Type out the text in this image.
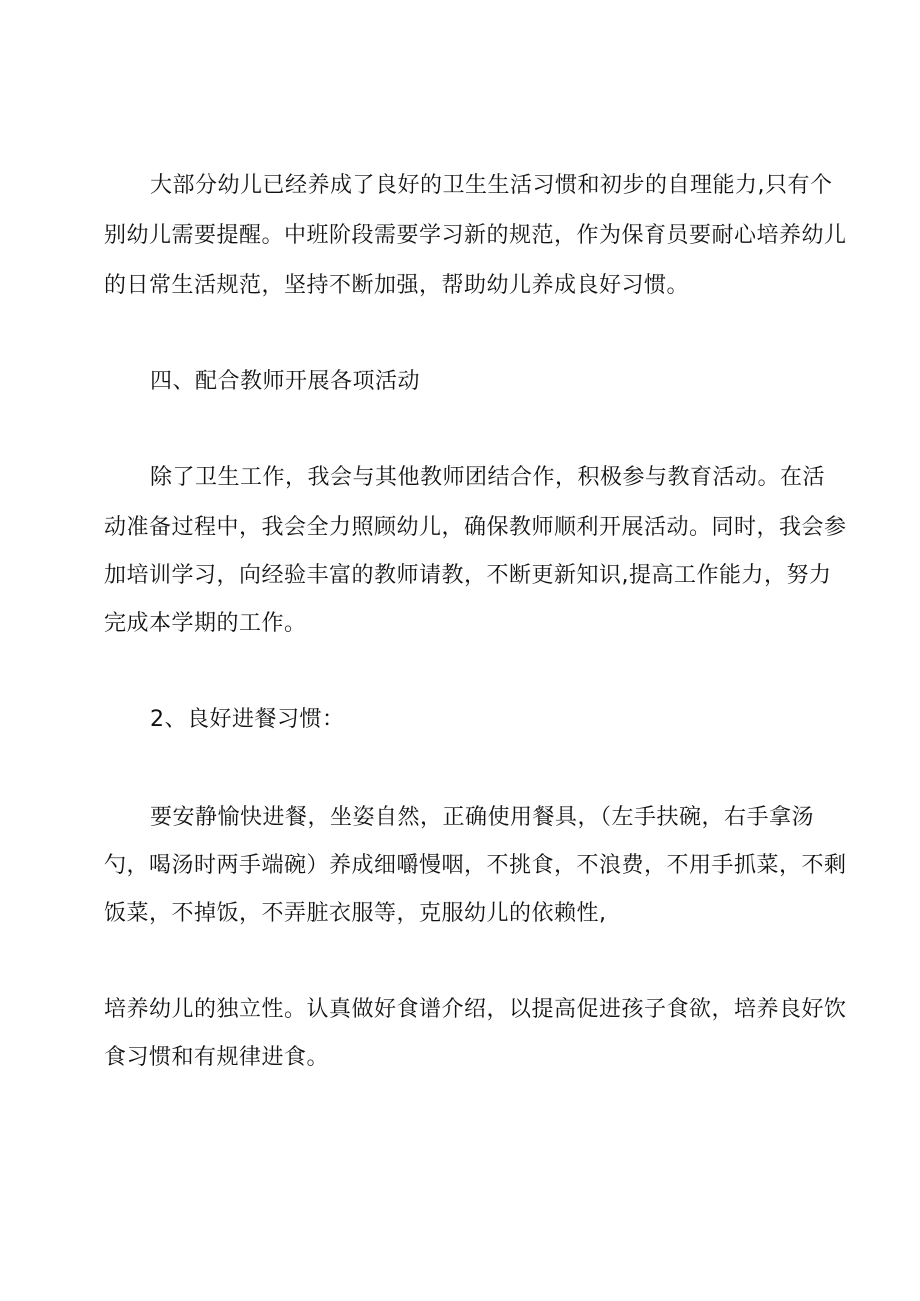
大部分幼儿已经养成了良好的卫生生活习惯和初步的自理能力,只有个
别幼儿需要提醒。中班阶段需要学习新的规范，作为保育员要耐心培养幼儿
的日常生活规范，坚持不断加强，帮助幼儿养成良好习惯。
四、配合教师开展各项活动
除了卫生工作，我会与其他教师团结合作，积极参与教育活动。在活
动准备过程中，我会全力照顾幼儿，确保教师顺利开展活动。同时，我会参
加培训学习，向经验丰富的教师请教，不断更新知识,提高工作能力，努力
完成本学期的工作。
2、良好进餐习惯：
要安静愉快进餐，坐姿自然，正确使用餐具，（左手扶碗，右手拿汤
勺，喝汤时两手端碗）养成细嚼慢咽，不挑食，不浪费，不用手抓菜，不剩
饭菜，不掉饭，不弄脏衣服等，克服幼儿的依赖性,
培养幼儿的独立性。认真做好食谱介绍，以提高促进孩子食欲，培养良好饮
食习惯和有规律进食。
